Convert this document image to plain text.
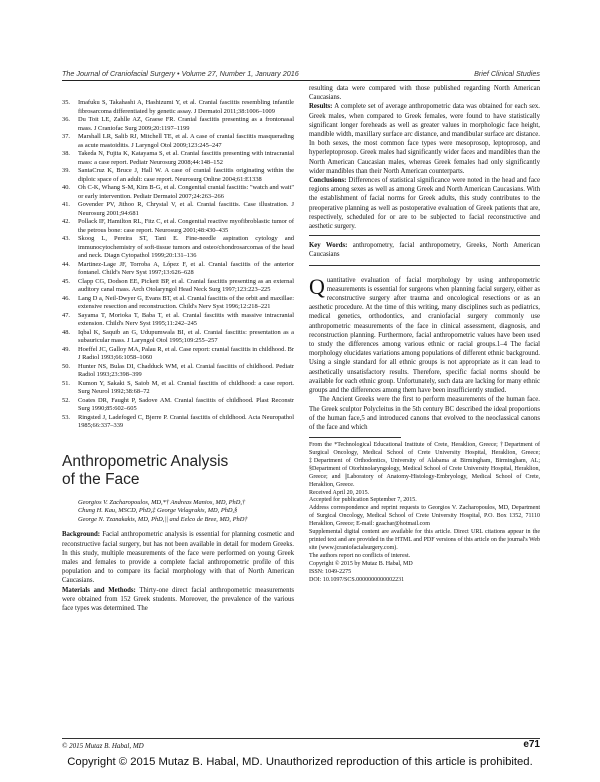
The Journal of Craniofacial Surgery • Volume 27, Number 1, January 2016	Brief Clinical Studies

35. Imafuku S, Takahashi A, Hashizumi Y, et al. Cranial fasciitis resembling infantile fibrosarcoma differentiated by genetic assay. J Dermatol 2011;38:1006–1009

36. Du Toit LE, Zahlle AZ, Graese FR. Cranial fasciitis presenting as a frontonasal mass. J Craniofac Surg 2009;20:1197–1199

37. Marshall LR, Salib RJ, Mitchell TE, et al. A case of cranial fasciitis masquerading as acute mastoiditis. J Laryngol Otol 2009;123:245–247

38. Takeda N, Fujita K, Katayama S, et al. Cranial fasciitis presenting with intracranial mass: a case report. Pediatr Neurosurg 2008;44:148–152

39. SantaCruz K, Bruce J, Hall W. A case of cranial fasciitis originating within the diploic space of an adult: case report. Neurosurg Online 2004;61:E1338

40. Oh C-K, Whang S-M, Kim B-G, et al. Congenital cranial fasciitis: "watch and wait" or early intervention. Pediatr Dermatol 2007;24:263–266

41. Govender PV, Jithoo R, Chrystal V, et al. Cranial fasciitis. Case illustration. J Neurosurg 2001;94:681

42. Pollack IF, Hamilton RL, Fitz C, et al. Congenital reactive myofibroblastic tumor of the petrous bone: case report. Neurosurg 2001;48:430–435

43. Skoog L, Pereira ST, Tani E. Fine-needle aspiration cytology and immunocytochemistry of soft-tissue tumors and osteo/chondrosarcomas of the head and neck. Diagn Cytopathol 1999;20:131–136

44. Martinez-Lage JF, Torroba A, López F, et al. Cranial fasciitis of the anterior fontanel. Child's Nerv Syst 1997;13:626–628

45. Clapp CG, Dodson EE, Pickett BP, et al. Cranial fasciitis presenting as an external auditory canal mass. Arch Otolaryngol Head Neck Surg 1997;123:223–225

46. Lang D a, Neil-Dwyer G, Evans BT, et al. Cranial fasciitis of the orbit and maxillae: extensive resection and reconstruction. Child's Nerv Syst 1996;12:218–221

47. Sayama T, Morioka T, Baba T, et al. Cranial fasciitis with massive intracranial extension. Child's Nerv Syst 1995;11:242–245

48. Iqbal K, Saquib an G, Udupumwala BI, et al. Cranial fasciitis: presentation as a subauricular mass. J Laryngol Otol 1995;109:255–257

49. Hoeffel JC, Galloy MA, Palau R, et al. Case report: cranial fasciitis in childhood. Br J Radiol 1993;66:1058–1060

50. Hunter NS, Bulas DI, Chadduck WM, et al. Cranial fasciitis of childhood. Pediatr Radiol 1993;23:398–399

51. Kumon Y, Sakaki S, Saiob M, et al. Cranial fasciitis of childhood: a case report. Surg Neurol 1992;38:68–72

52. Coates DR, Faught P, Sadove AM. Cranial fasciitis of childhood. Plast Reconstr Surg 1990;85:602–605

53. Ringsted J, Ladefoged C, Bjerre P. Cranial fasciitis of childhood. Acta Neuropathol 1985;66:337–339

Anthropometric Analysis
of the Face
Georgios V. Zacharopoulos, MD,*† Andreas Manios, MD, PhD,†
Chung H. Kau, MSCD, PhD,‡ George Velagrakis, MD, PhD,§
George N. Tzanakakis, MD, PhD,|| and Eelco de Bree, MD, PhD†

Background: Facial anthropometric analysis is essential for planning cosmetic and reconstructive facial surgery, but has not been available in detail for modern Greeks. In this study, multiple measurements of the face were performed on young Greek males and females to provide a complete facial anthropometric profile of this population and to compare its facial morphology with that of North American Caucasians.

Materials and Methods: Thirty-one direct facial anthropometric measurements were obtained from 152 Greek students. Moreover, the prevalence of the various face types was determined. The

resulting data were compared with those published regarding North American Caucasians.

Results: A complete set of average anthropometric data was obtained for each sex. Greek males, when compared to Greek females, were found to have statistically significant longer foreheads as well as greater values in morphologic face height, mandible width, maxillary surface arc distance, and mandibular surface arc distance. In both sexes, the most common face types were mesoprosop, leptoprosop, and hyperleptoprosop. Greek males had significantly wider faces and mandibles than the North American Caucasian males, whereas Greek females had only significantly wider mandibles than their North American counterparts.

Conclusions: Differences of statistical significance were noted in the head and face regions among sexes as well as among Greek and North American Caucasians. With the establishment of facial norms for Greek adults, this study contributes to the preoperative planning as well as postoperative evaluation of Greek patients that are, respectively, scheduled for or are to be subjected to facial reconstructive and aesthetic surgery.

Key Words: anthropometry, facial anthropometry, Greeks, North American Caucasians

Quantitative evaluation of facial morphology by using anthropometric measurements is essential for surgeons when planning facial surgery, either as reconstructive surgery after trauma and oncological resections or as an aesthetic procedure. At the time of this writing, many disciplines such as pediatrics, medical genetics, orthodontics, and craniofacial surgery commonly use anthropometric measurements of the face in clinical assessment, diagnosis, and reconstruction planning. Furthermore, facial anthropometric values have been used to study the differences among various ethnic or racial groups.1–4 The facial morphology elucidates variations among populations of different ethnic background. Using a single standard for all ethnic groups is not appropriate as it can lead to aesthetically unsatisfactory results. Therefore, specific facial norms should be available for each ethnic group. Unfortunately, such data are lacking for many ethnic groups and the differences among them have been insufficiently studied.

The Ancient Greeks were the first to perform measurements of the human face. The Greek sculptor Polycleitus in the 5th century BC described the ideal proportions of the human face,5 and introduced canons that evolved to the neoclassical canons of the face and which

From the *Technological Educational Institute of Crete, Heraklion, Greece; †Department of Surgical Oncology, Medical School of Crete University Hospital, Heraklion, Greece; ‡Department of Orthodontics, University of Alabama at Birmingham, Birmingham, AL; §Department of Otorhinolaryngology, Medical School of Crete University Hospital, Heraklion, Greece; and ||Laboratory of Anatomy-Histology-Embryology, Medical School of Crete, Heraklion, Greece.
Received April 20, 2015.
Accepted for publication September 7, 2015.
Address correspondence and reprint requests to Georgios V. Zacharopoulos, MD, Department of Surgical Oncology, Medical School of Crete University Hospital, P.O. Box 1352, 71110 Heraklion, Greece; E-mail: gzachar@hotmail.com
Supplemental digital content are available for this article. Direct URL citations appear in the printed text and are provided in the HTML and PDF versions of this article on the journal's Web site (www.jcraniofacialsurgery.com).
The authors report no conflicts of interest.
Copyright © 2015 by Mutaz B. Habal, MD
ISSN: 1049-2275
DOI: 10.1097/SCS.0000000000002231
© 2015 Mutaz B. Habal, MD	e71
Copyright © 2015 Mutaz B. Habal, MD. Unauthorized reproduction of this article is prohibited.
